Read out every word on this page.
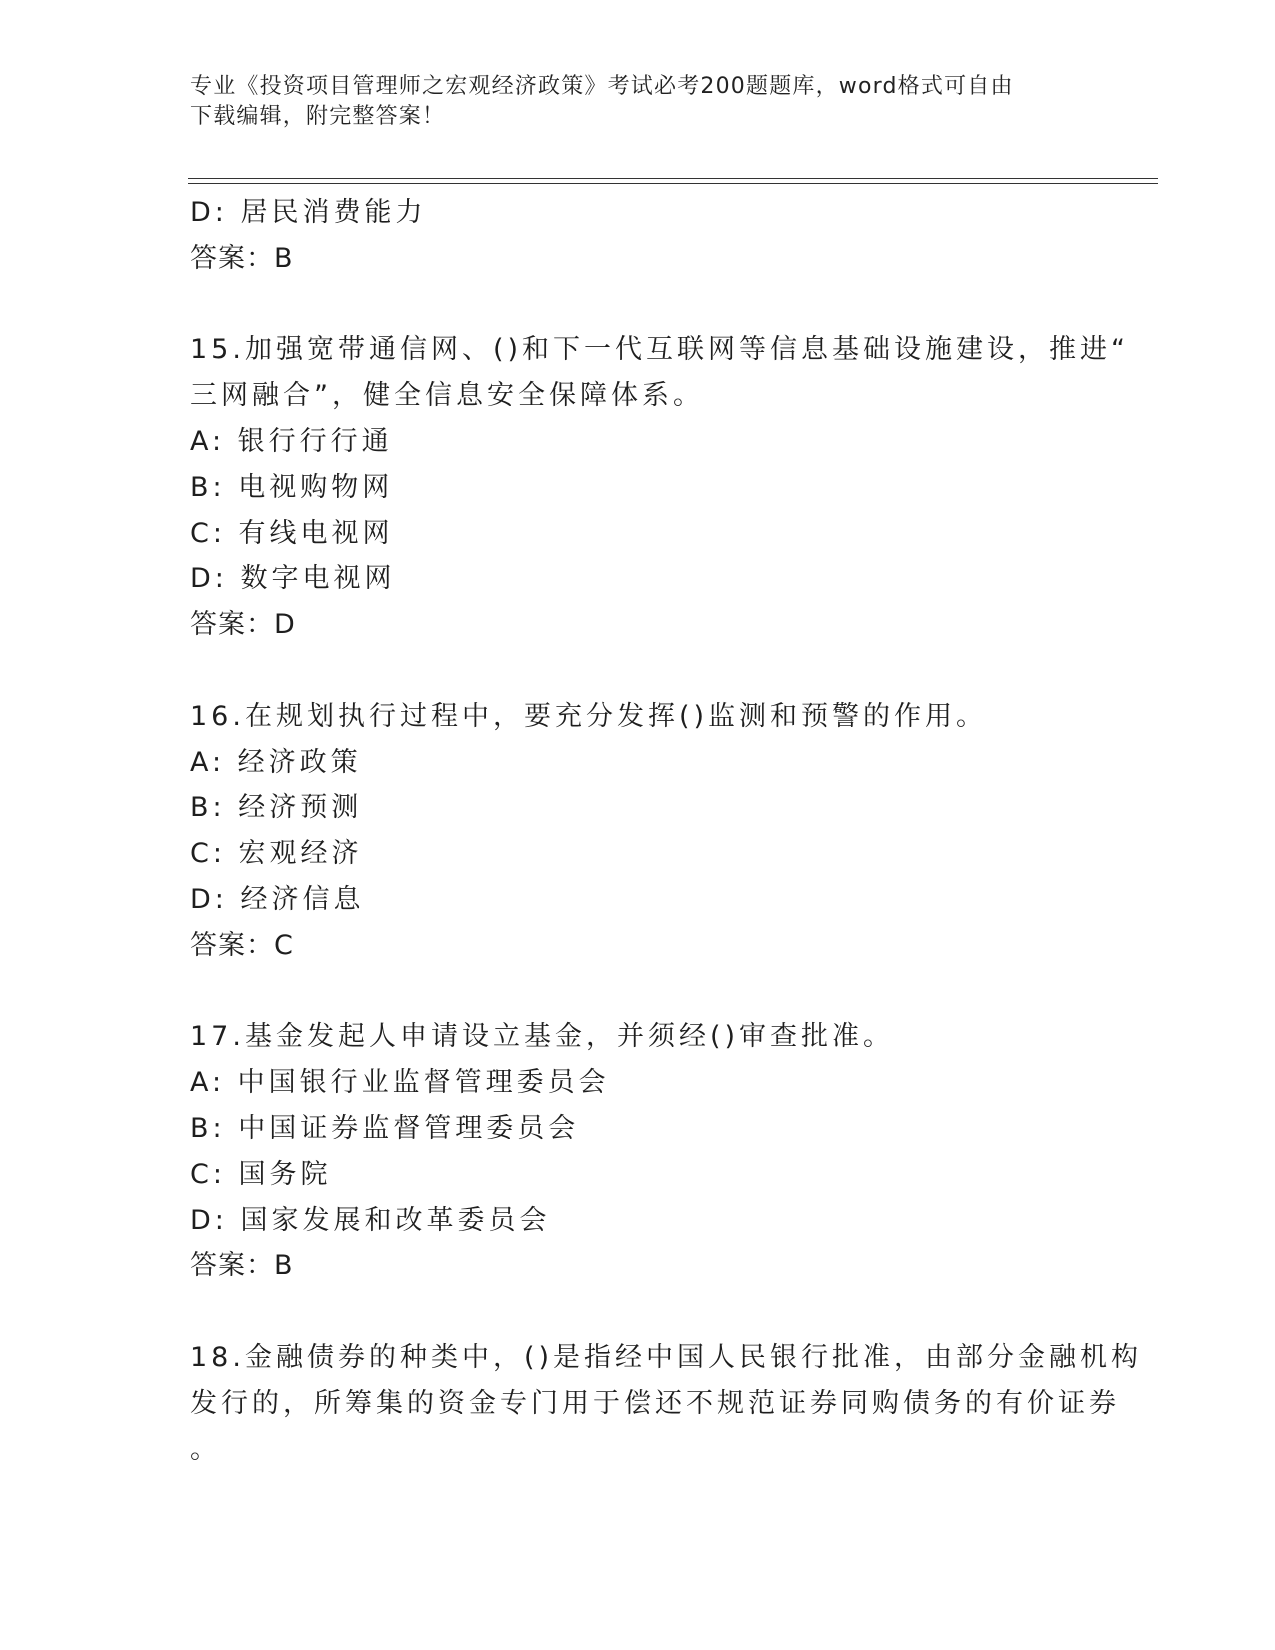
专业《投资项目管理师之宏观经济政策》考试必考200题题库，word格式可自由
下载编辑，附完整答案！
D: 居民消费能力
答案：B
15.加强宽带通信网、()和下一代互联网等信息基础设施建设，推进“
三网融合”，健全信息安全保障体系。
A: 银行行行通
B: 电视购物网
C: 有线电视网
D: 数字电视网
答案：D
16.在规划执行过程中，要充分发挥()监测和预警的作用。
A: 经济政策
B: 经济预测
C: 宏观经济
D: 经济信息
答案：C
17.基金发起人申请设立基金，并须经()审查批准。
A: 中国银行业监督管理委员会
B: 中国证券监督管理委员会
C: 国务院
D: 国家发展和改革委员会
答案：B
18.金融债券的种类中，()是指经中国人民银行批准，由部分金融机构
发行的，所筹集的资金专门用于偿还不规范证券同购债务的有价证券
。
